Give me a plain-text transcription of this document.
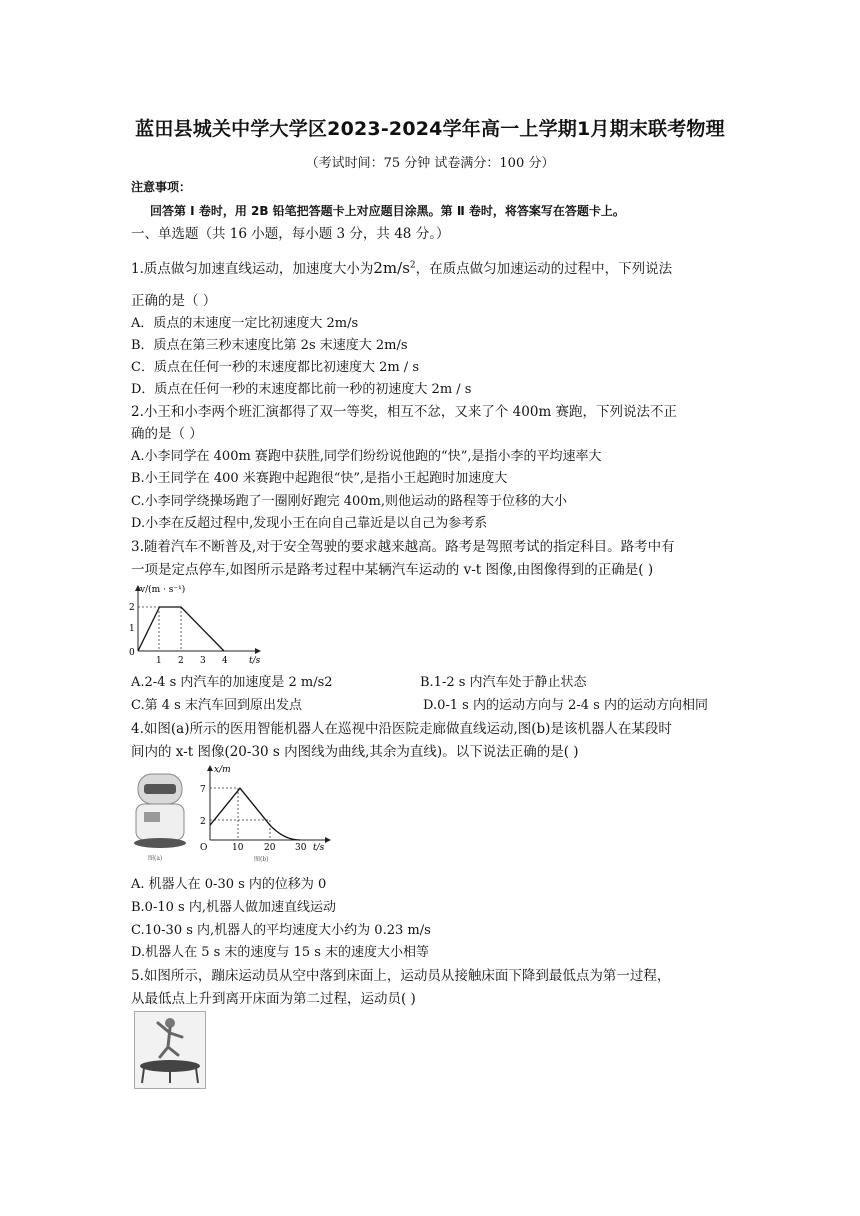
蓝田县城关中学大学区2023-2024学年高一上学期1月期末联考物理
（考试时间：75 分钟 试卷满分：100 分）
注意事项：
回答第 Ⅰ 卷时，用 2B 铅笔把答题卡上对应题目涂黑。第 Ⅱ 卷时，将答案写在答题卡上。
一、单选题（共 16 小题，每小题 3 分，共 48 分。）
1.质点做匀加速直线运动，加速度大小为$2m/s^2$，在质点做匀加速运动的过程中，下列说法
正确的是（ ）
A．质点的末速度一定比初速度大 2m/s
B．质点在第三秒末速度比第 2s 末速度大 2m/s
C．质点在任何一秒的末速度都比初速度大 2m / s
D．质点在任何一秒的末速度都比前一秒的初速度大 2m / s
2.小王和小李两个班汇演都得了双一等奖，相互不忿，又来了个 400m 赛跑，下列说法不正
确的是（ ）
A.小李同学在 400m 赛跑中获胜,同学们纷纷说他跑的“快”,是指小李的平均速率大
B.小王同学在 400 米赛跑中起跑很“快”,是指小王起跑时加速度大
C.小李同学绕操场跑了一圈刚好跑完 400m,则他运动的路程等于位移的大小
D.小李在反超过程中,发现小王在向自己靠近是以自己为参考系
3.随着汽车不断普及,对于安全驾驶的要求越来越高。路考是驾照考试的指定科目。路考中有
一项是定点停车,如图所示是路考过程中某辆汽车运动的 v-t 图像,由图像得到的正确是( )
v/(m · s⁻¹)
t/s
0
2
1
1 2 3 4
A.2-4 s 内汽车的加速度是 2 m/s2	B.1-2 s 内汽车处于静止状态
C.第 4 s 末汽车回到原出发点	D.0-1 s 内的运动方向与 2-4 s 内的运动方向相同
4.如图(a)所示的医用智能机器人在巡视中沿医院走廊做直线运动,图(b)是该机器人在某段时
间内的 x-t 图像(20-30 s 内图线为曲线,其余为直线)。以下说法正确的是( )
图(a)
x/m
t/s
O
7
2
10 20 30
图(b)
A. 机器人在 0-30 s 内的位移为 0
B.0-10 s 内,机器人做加速直线运动
C.10-30 s 内,机器人的平均速度大小约为 0.23 m/s
D.机器人在 5 s 末的速度与 15 s 末的速度大小相等
5.如图所示，蹦床运动员从空中落到床面上，运动员从接触床面下降到最低点为第一过程，
从最低点上升到离开床面为第二过程，运动员( )
